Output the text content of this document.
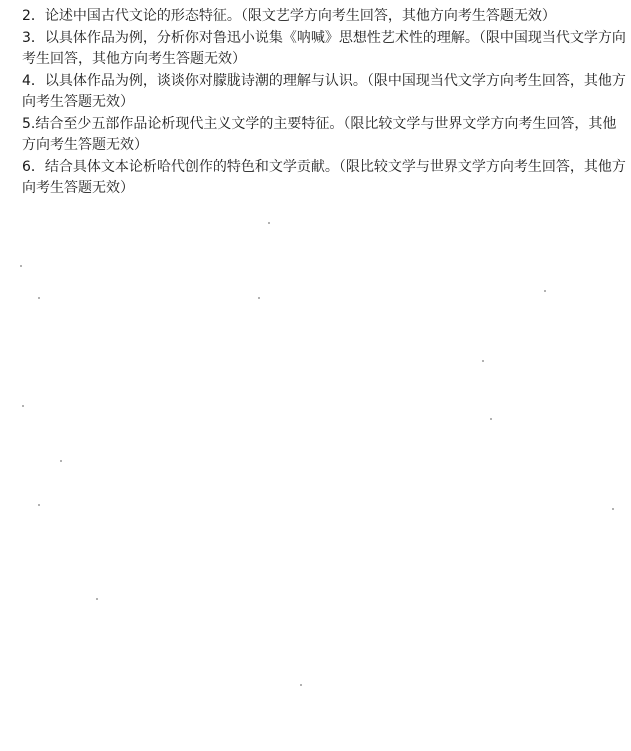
2．论述中国古代文论的形态特征。（限文艺学方向考生回答，其他方向考生答题无效）

3．以具体作品为例，分析你对鲁迅小说集《呐喊》思想性艺术性的理解。（限中国现当代文学方向考生回答，其他方向考生答题无效）

4．以具体作品为例，谈谈你对朦胧诗潮的理解与认识。（限中国现当代文学方向考生回答，其他方向考生答题无效）

5.结合至少五部作品论析现代主义文学的主要特征。（限比较文学与世界文学方向考生回答，其他方向考生答题无效）

6．结合具体文本论析哈代创作的特色和文学贡献。（限比较文学与世界文学方向考生回答，其他方向考生答题无效）
